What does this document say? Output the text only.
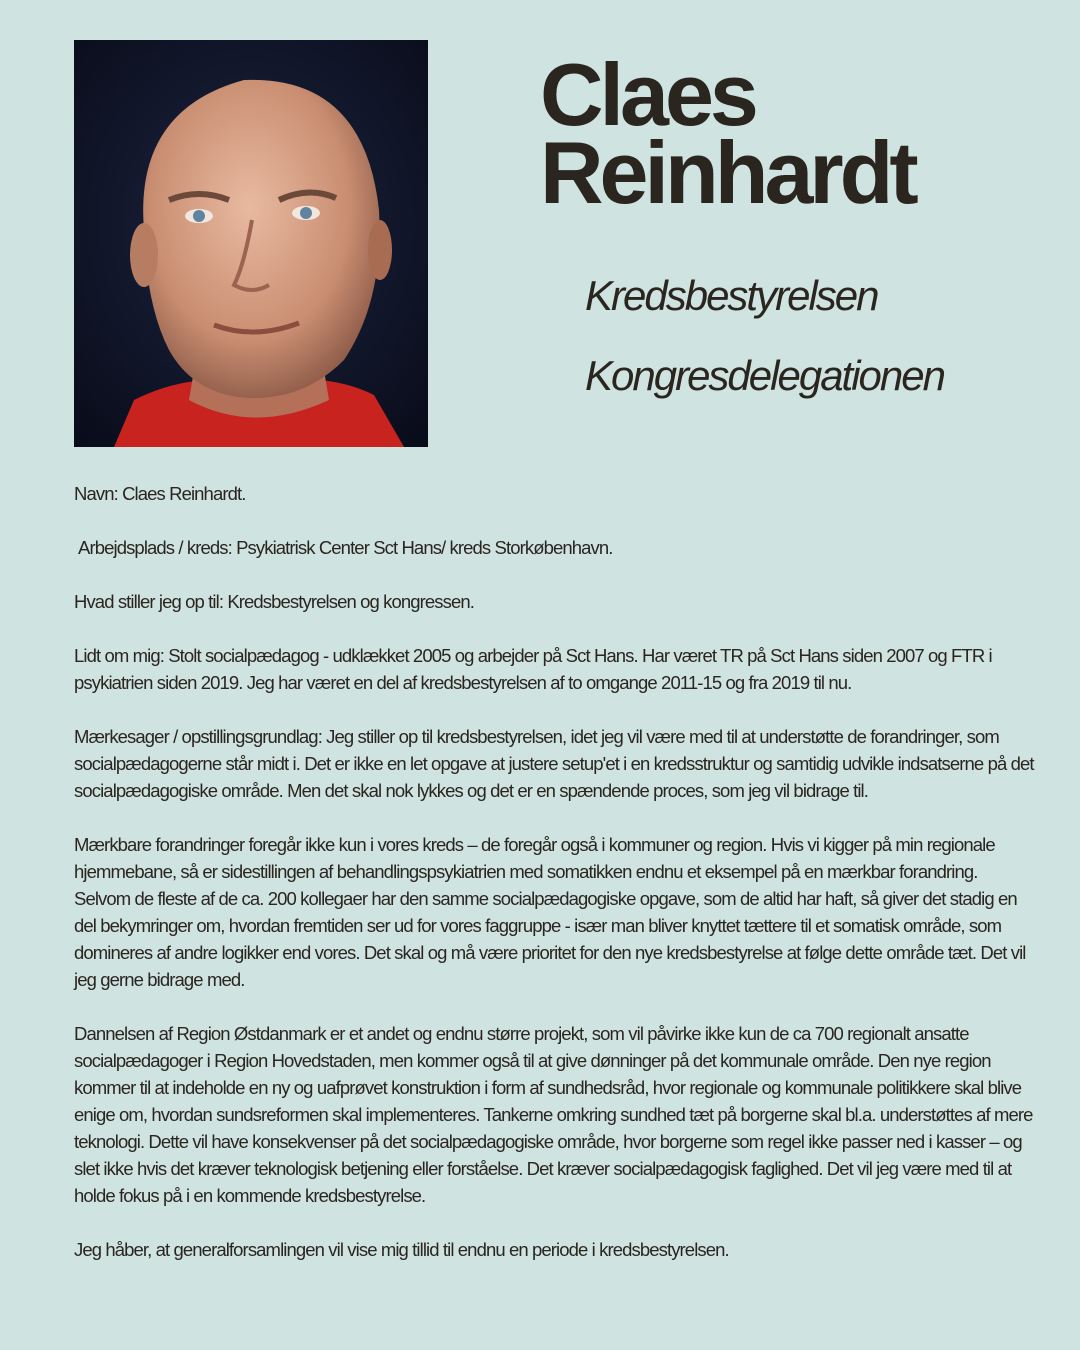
Claes
Reinhardt
Kredsbestyrelsen
Kongresdelegationen

Navn: Claes Reinhardt.

Arbejdsplads / kreds: Psykiatrisk Center Sct Hans/ kreds Storkøbenhavn.

Hvad stiller jeg op til: Kredsbestyrelsen og kongressen.

Lidt om mig: Stolt socialpædagog - udklækket 2005 og arbejder på Sct Hans. Har været TR på Sct Hans siden 2007 og FTR i psykiatrien siden 2019. Jeg har været en del af kredsbestyrelsen af to omgange 2011-15 og fra 2019 til nu.

Mærkesager / opstillingsgrundlag: Jeg stiller op til kredsbestyrelsen, idet jeg vil være med til at understøtte de forandringer, som socialpædagogerne står midt i. Det er ikke en let opgave at justere setup'et i en kredsstruktur og samtidig udvikle indsatserne på det socialpædagogiske område. Men det skal nok lykkes og det er en spændende proces, som jeg vil bidrage til.

Mærkbare forandringer foregår ikke kun i vores kreds – de foregår også i kommuner og region. Hvis vi kigger på min regionale hjemmebane, så er sidestillingen af behandlingspsykiatrien med somatikken endnu et eksempel på en mærkbar forandring. Selvom de fleste af de ca. 200 kollegaer har den samme socialpædagogiske opgave, som de altid har haft, så giver det stadig en del bekymringer om, hvordan fremtiden ser ud for vores faggruppe - især man bliver knyttet tættere til et somatisk område, som domineres af andre logikker end vores. Det skal og må være prioritet for den nye kredsbestyrelse at følge dette område tæt. Det vil jeg gerne bidrage med.

Dannelsen af Region Østdanmark er et andet og endnu større projekt, som vil påvirke ikke kun de ca 700 regionalt ansatte socialpædagoger i Region Hovedstaden, men kommer også til at give dønninger på det kommunale område. Den nye region kommer til at indeholde en ny og uafprøvet konstruktion i form af sundhedsråd, hvor regionale og kommunale politikkere skal blive enige om, hvordan sundsreformen skal implementeres. Tankerne omkring sundhed tæt på borgerne skal bl.a. understøttes af mere teknologi. Dette vil have konsekvenser på det socialpædagogiske område, hvor borgerne som regel ikke passer ned i kasser – og slet ikke hvis det kræver teknologisk betjening eller forståelse. Det kræver socialpædagogisk faglighed. Det vil jeg være med til at holde fokus på i en kommende kredsbestyrelse.

Jeg håber, at generalforsamlingen vil vise mig tillid til endnu en periode i kredsbestyrelsen.
